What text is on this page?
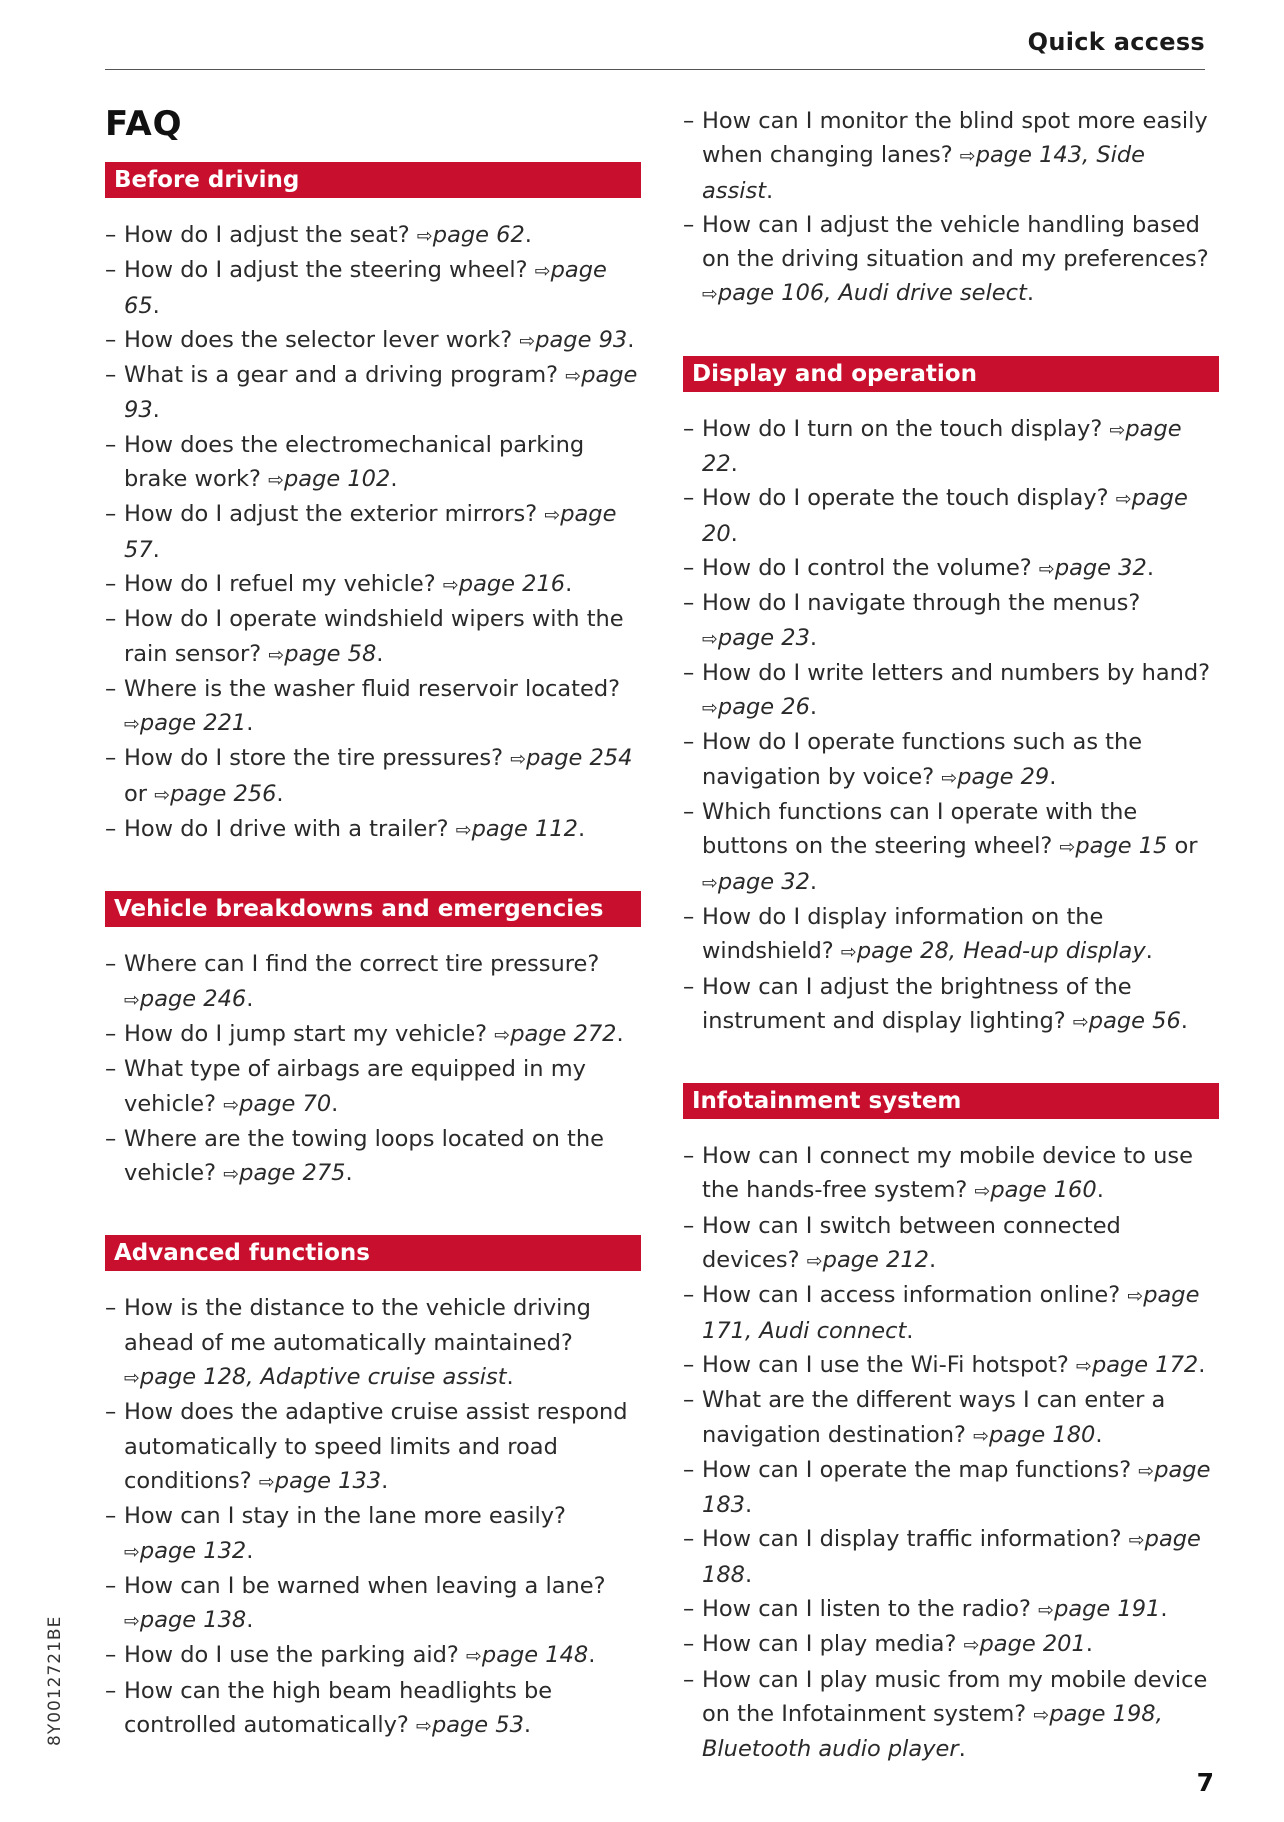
Quick access
FAQ
Before driving
– How do I adjust the seat? ⇨page 62.
– How do I adjust the steering wheel? ⇨page 65.
– How does the selector lever work? ⇨page 93.
– What is a gear and a driving program? ⇨page 93.
– How does the electromechanical parking brake work? ⇨page 102.
– How do I adjust the exterior mirrors? ⇨page 57.
– How do I refuel my vehicle? ⇨page 216.
– How do I operate windshield wipers with the rain sensor? ⇨page 58.
– Where is the washer fluid reservoir located? ⇨page 221.
– How do I store the tire pressures? ⇨page 254 or ⇨page 256.
– How do I drive with a trailer? ⇨page 112.
Vehicle breakdowns and emergencies
– Where can I find the correct tire pressure? ⇨page 246.
– How do I jump start my vehicle? ⇨page 272.
– What type of airbags are equipped in my vehicle? ⇨page 70.
– Where are the towing loops located on the vehicle? ⇨page 275.
Advanced functions
– How is the distance to the vehicle driving ahead of me automatically maintained? ⇨page 128, Adaptive cruise assist.
– How does the adaptive cruise assist respond automatically to speed limits and road conditions? ⇨page 133.
– How can I stay in the lane more easily? ⇨page 132.
– How can I be warned when leaving a lane? ⇨page 138.
– How do I use the parking aid? ⇨page 148.
– How can the high beam headlights be controlled automatically? ⇨page 53.
– How can I monitor the blind spot more easily when changing lanes? ⇨page 143, Side assist.
– How can I adjust the vehicle handling based on the driving situation and my preferences? ⇨page 106, Audi drive select.
Display and operation
– How do I turn on the touch display? ⇨page 22.
– How do I operate the touch display? ⇨page 20.
– How do I control the volume? ⇨page 32.
– How do I navigate through the menus? ⇨page 23.
– How do I write letters and numbers by hand? ⇨page 26.
– How do I operate functions such as the navigation by voice? ⇨page 29.
– Which functions can I operate with the buttons on the steering wheel? ⇨page 15 or ⇨page 32.
– How do I display information on the windshield? ⇨page 28, Head-up display.
– How can I adjust the brightness of the instrument and display lighting? ⇨page 56.
Infotainment system
– How can I connect my mobile device to use the hands-free system? ⇨page 160.
– How can I switch between connected devices? ⇨page 212.
– How can I access information online? ⇨page 171, Audi connect.
– How can I use the Wi-Fi hotspot? ⇨page 172.
– What are the different ways I can enter a navigation destination? ⇨page 180.
– How can I operate the map functions? ⇨page 183.
– How can I display traffic information? ⇨page 188.
– How can I listen to the radio? ⇨page 191.
– How can I play media? ⇨page 201.
– How can I play music from my mobile device on the Infotainment system? ⇨page 198, Bluetooth audio player.
8Y0012721BE
7
